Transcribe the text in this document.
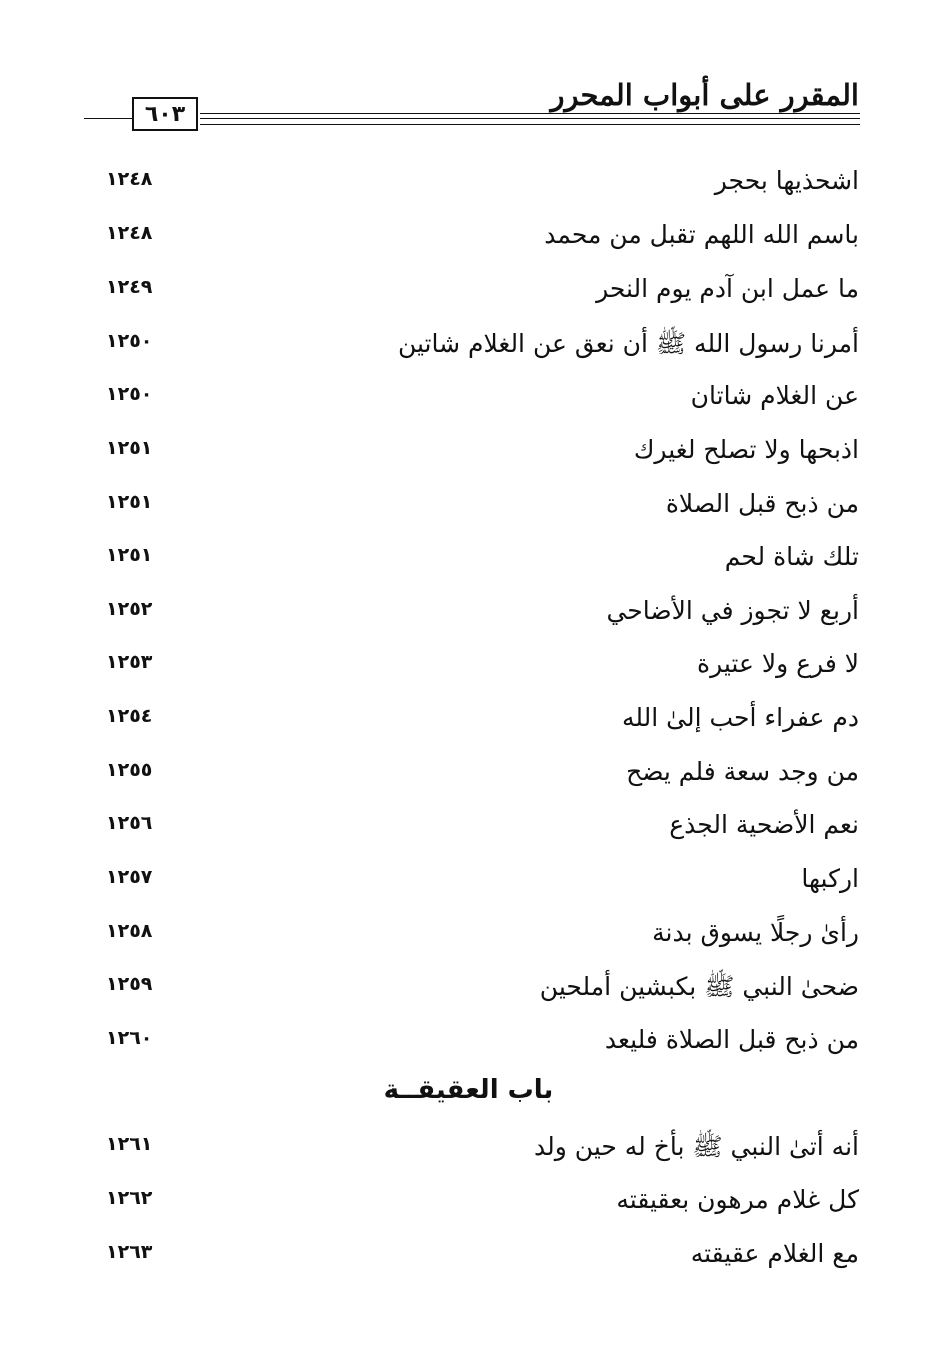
المقرر على أبواب المحرر
٦٠٣
اشحذيها بحجر
١٢٤٨
باسم الله اللهم تقبل من محمد
١٢٤٨
ما عمل ابن آدم يوم النحر
١٢٤٩
أمرنا رسول الله ﷺ أن نعق عن الغلام شاتين
١٢٥٠
عن الغلام شاتان
١٢٥٠
اذبحها ولا تصلح لغيرك
١٢٥١
من ذبح قبل الصلاة
١٢٥١
تلك شاة لحم
١٢٥١
أربع لا تجوز في الأضاحي
١٢٥٢
لا فرع ولا عتيرة
١٢٥٣
دم عفراء أحب إلىٰ الله
١٢٥٤
من وجد سعة فلم يضح
١٢٥٥
نعم الأضحية الجذع
١٢٥٦
اركبها
١٢٥٧
رأىٰ رجلًا يسوق بدنة
١٢٥٨
ضحىٰ النبي ﷺ بكبشين أملحين
١٢٥٩
من ذبح قبل الصلاة فليعد
١٢٦٠
باب العقيقــة
أنه أتىٰ النبي ﷺ بأخ له حين ولد
١٢٦١
كل غلام مرهون بعقيقته
١٢٦٢
مع الغلام عقيقته
١٢٦٣
